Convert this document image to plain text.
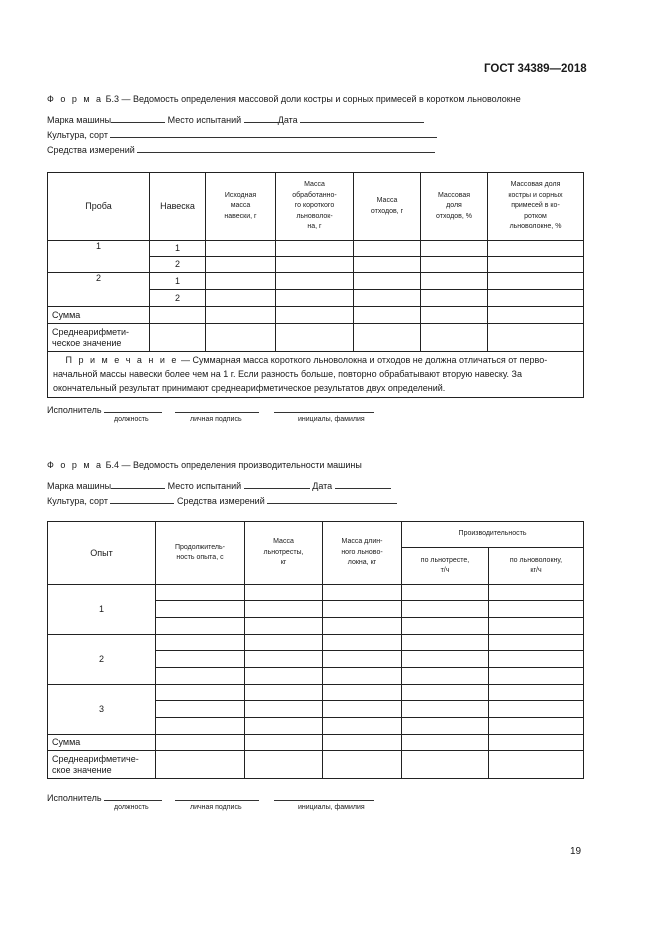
ГОСТ 34389—2018
Ф о р м а Б.3 — Ведомость определения массовой доли костры и сорных примесей в коротком льноволокне
Марка машины	Место испытаний	Дата
Культура, сорт
Средства измерений
Проба	Навеска	Исходная
масса
навески, г	Масса
обработанно-
го короткого
льноволок-
на, г	Масса
отходов, г	Массовая
доля
отходов, %	Массовая доля
костры и сорных
примесей в ко-
ротком
льноволокне, %
1	1					
	2					
2	1					
	2					
Сумма						
Среднеарифмети-
ческое значение						
П р и м е ч а н и е — Суммарная масса короткого льноволокна и отходов не должна отличаться от перво-
начальной массы навески более чем на 1 г. Если разность больше, повторно обрабатывают вторую навеску. За
окончательный результат принимают среднеарифметическое результатов двух определений.						
Исполнитель
должность	личная подпись	инициалы, фамилия
Ф о р м а Б.4 — Ведомость определения производительности машины
Марка машины	Место испытаний	Дата
Культура, сорт	Средства измерений
Опыт	Продолжитель-
ность опыта, с	Масса
льнотресты,
кг	Масса длин-
ного льново-
локна, кг	Производительность	
				по льнотресте,
т/ч	по льноволокну,
кг/ч
1					

2					

3					

Сумма					
Среднеарифметиче-
ское значение					
Исполнитель
должность	личная подпись	инициалы, фамилия
19
